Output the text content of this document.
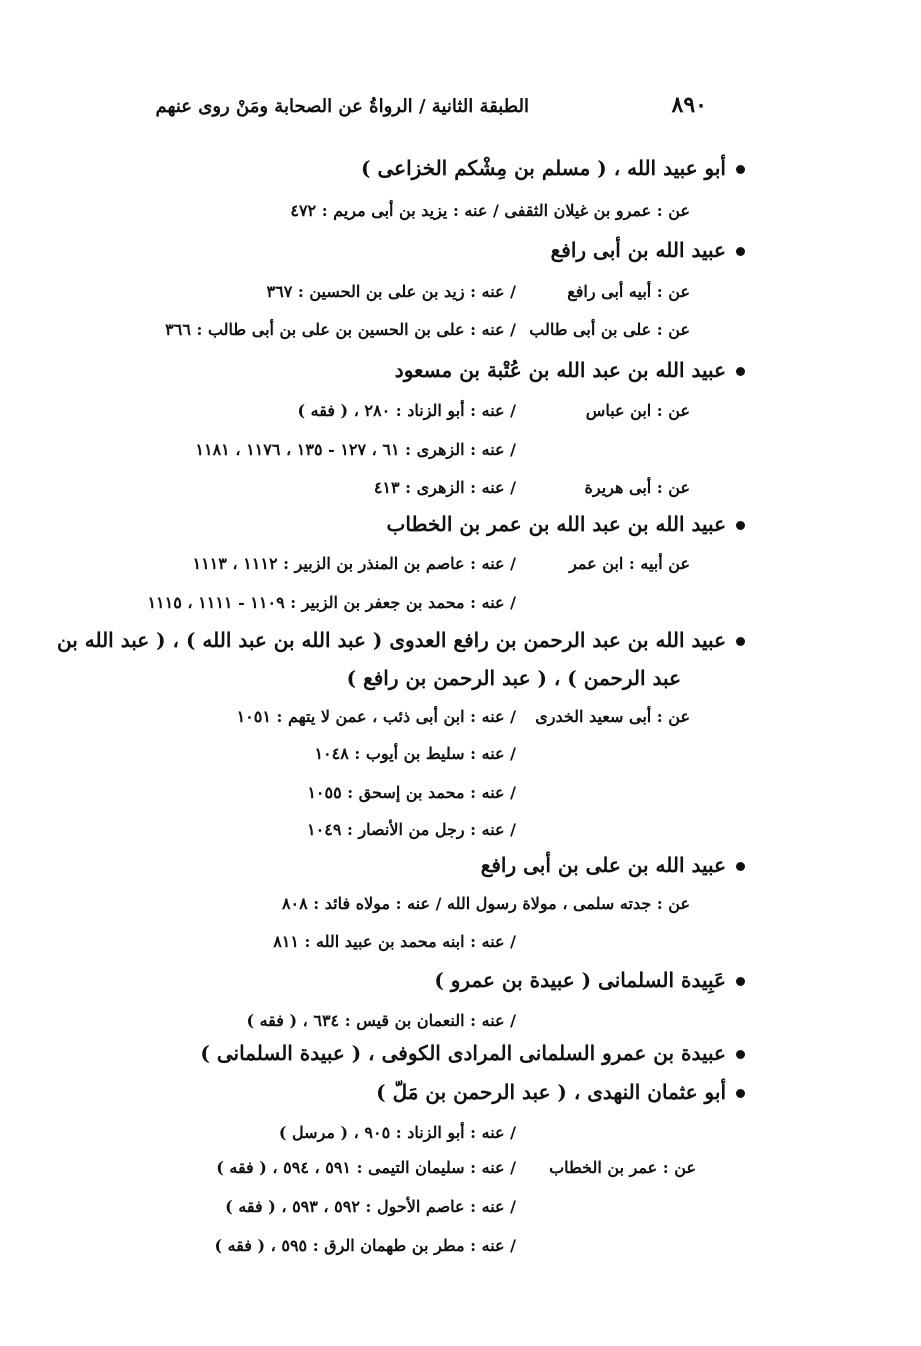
٨٩٠
الطبقة الثانية / الرواةُ عن الصحابة ومَنْ روى عنهم
أبو عبيد الله ، ( مسلم بن مِشْكم الخزاعى )
عن : عمرو بن غيلان الثقفى / عنه : يزيد بن أبى مريم : ٤٧٢
عبيد الله بن أبى رافع
عن : أبيه أبى رافع
/ عنه : زيد بن على بن الحسين : ٣٦٧
عن : على بن أبى طالب
/ عنه : على بن الحسين بن على بن أبى طالب : ٣٦٦
عبيد الله بن عبد الله بن عُتْبة بن مسعود
عن : ابن عباس
/ عنه : أبو الزناد : ٢٨٠ ، ( فقه )
/ عنه : الزهرى : ٦١ ، ١٢٧ - ١٣٥ ، ١١٧٦ ، ١١٨١
عن : أبى هريرة
/ عنه : الزهرى : ٤١٣
عبيد الله بن عبد الله بن عمر بن الخطاب
عن أبيه : ابن عمر
/ عنه : عاصم بن المنذر بن الزبير : ١١١٢ ، ١١١٣
/ عنه : محمد بن جعفر بن الزبير : ١١٠٩ - ١١١١ ، ١١١٥
عبيد الله بن عبد الرحمن بن رافع العدوى ( عبد الله بن عبد الله ) ، ( عبد الله بن
عبد الرحمن ) ، ( عبد الرحمن بن رافع )
عن : أبى سعيد الخدرى
/ عنه : ابن أبى ذئب ، عمن لا يتهم : ١٠٥١
/ عنه : سليط بن أيوب : ١٠٤٨
/ عنه : محمد بن إسحق : ١٠٥٥
/ عنه : رجل من الأنصار : ١٠٤٩
عبيد الله بن على بن أبى رافع
عن : جدته سلمى ، مولاة رسول الله / عنه : مولاه فائد : ٨٠٨
/ عنه : ابنه محمد بن عبيد الله : ٨١١
عَبِيدة السلمانى ( عبيدة بن عمرو )
/ عنه : النعمان بن قيس : ٦٣٤ ، ( فقه )
عبيدة بن عمرو السلمانى المرادى الكوفى ، ( عبيدة السلمانى )
أبو عثمان النهدى ، ( عبد الرحمن بن مَلّ )
/ عنه : أبو الزناد : ٩٠٥ ، ( مرسل )
عن : عمر بن الخطاب
/ عنه : سليمان التيمى : ٥٩١ ، ٥٩٤ ، ( فقه )
/ عنه : عاصم الأحول : ٥٩٢ ، ٥٩٣ ، ( فقه )
/ عنه : مطر بن طهمان الرق : ٥٩٥ ، ( فقه )
